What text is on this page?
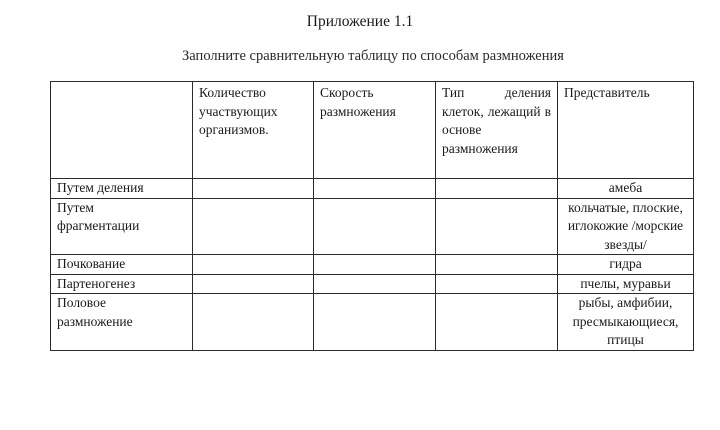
Приложение 1.1
Заполните сравнительную таблицу по способам размножения
	Количество участвующих организмов.	Скорость размножения	Тип деления клеток, лежащий в основе размножения	Представитель
Путем деления				амеба

Путем фрагментации				кольчатые, плоские, иглокожие /морские звезды/

Почкование				гидра
Партеногенез				пчелы, муравьи

Половое размножение				рыбы, амфибии, пресмыкающиеся, птицы
